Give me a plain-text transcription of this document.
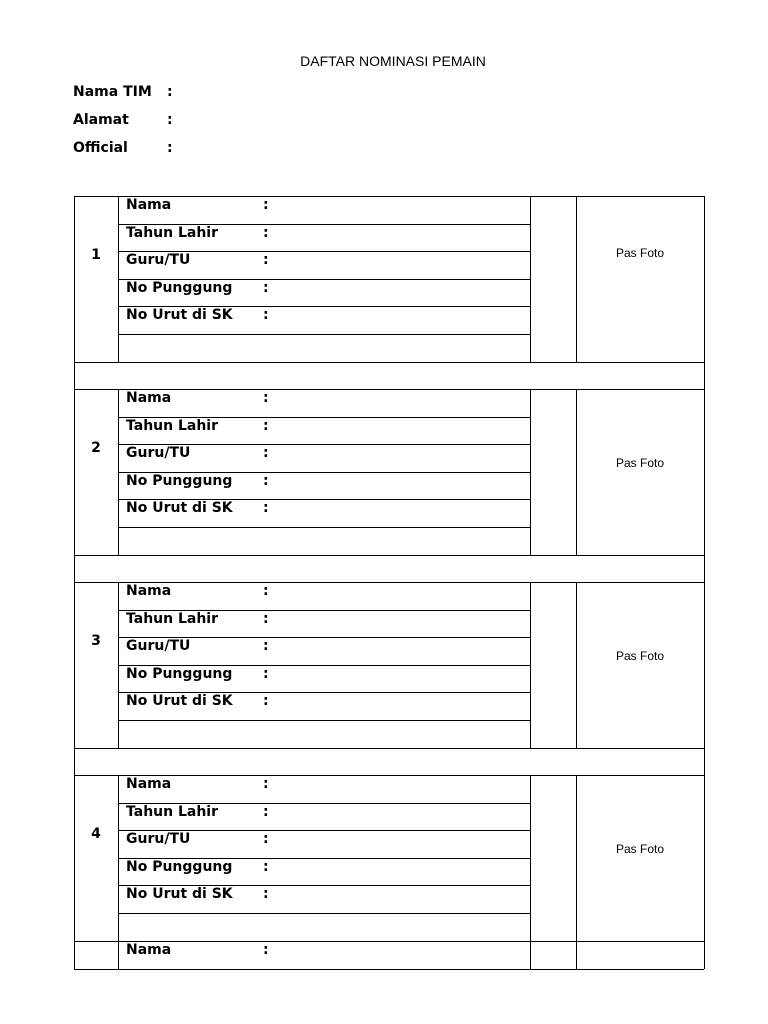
DAFTAR NOMINASI PEMAIN
Nama TIM :
Alamat	:
Official	:
1
Nama	:
Tahun Lahir	:
Guru/TU	:
No Punggung :
No Urut di SK :
Pas Foto
2
Nama	:
Tahun Lahir	:
Guru/TU	:
No Punggung :
No Urut di SK :
Pas Foto
3
Nama	:
Tahun Lahir	:
Guru/TU	:
No Punggung :
No Urut di SK :
Pas Foto
4
Nama	:
Tahun Lahir	:
Guru/TU	:
No Punggung :
No Urut di SK :
Pas Foto
Nama	:
